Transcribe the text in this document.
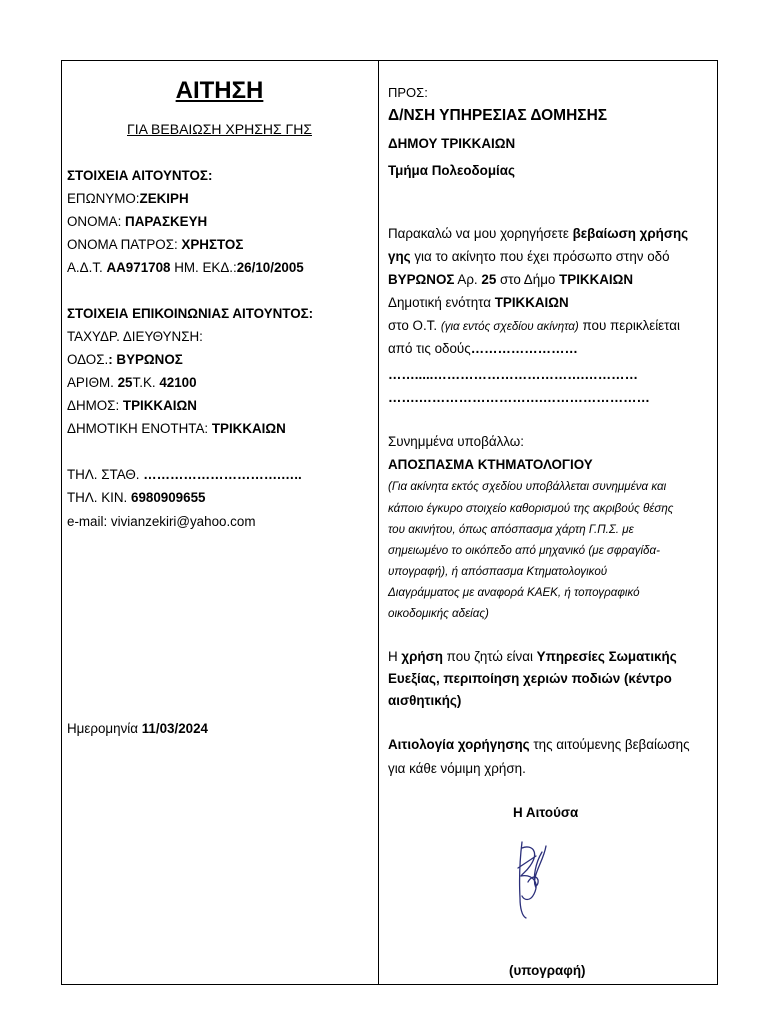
ΑΙΤΗΣΗ
ΓΙΑ ΒΕΒΑΙΩΣΗ ΧΡΗΣΗΣ ΓΗΣ
ΣΤΟΙΧΕΙΑ ΑΙΤΟΥΝΤΟΣ:
ΕΠΩΝΥΜΟ:ΖΕΚΙΡΗ
ΟΝΟΜΑ: ΠΑΡΑΣΚΕΥΗ
ΟΝΟΜΑ ΠΑΤΡΟΣ: ΧΡΗΣΤΟΣ
Α.Δ.Τ. ΑΑ971708 ΗΜ. ΕΚΔ.:26/10/2005
ΣΤΟΙΧΕΙΑ ΕΠΙΚΟΙΝΩΝΙΑΣ ΑΙΤΟΥΝΤΟΣ:
ΤΑΧΥΔΡ. ΔΙΕΥΘΥΝΣΗ:
ΟΔΟΣ.: ΒΥΡΩΝΟΣ
ΑΡΙΘΜ. 25Τ.Κ. 42100
ΔΗΜΟΣ: ΤΡΙΚΚΑΙΩΝ
ΔΗΜΟΤΙΚΗ ΕΝΟΤΗΤΑ: ΤΡΙΚΚΑΙΩΝ
ΤΗΛ. ΣΤΑΘ. ………………………….…..
ΤΗΛ. ΚΙΝ. 6980909655
e-mail: vivianzekiri@yahoo.com
Ημερομηνία 11/03/2024
ΠΡΟΣ:
Δ/ΝΣΗ ΥΠΗΡΕΣΙΑΣ ΔΟΜΗΣΗΣ
ΔΗΜΟΥ ΤΡΙΚΚΑΙΩΝ
Τμήμα Πολεοδομίας
Παρακαλώ να μου χορηγήσετε βεβαίωση χρήσης
γης για το ακίνητο που έχει πρόσωπο στην οδό
ΒΥΡΩΝΟΣ Αρ. 25 στο Δήμο ΤΡΙΚΚΑΙΩΝ
Δημοτική ενότητα ΤΡΙΚΚΑΙΩΝ
στο Ο.Τ. (για εντός σχεδίου ακίνητα) που περικλείεται
από τις οδούς……………………
…….....…………………………….…………
…….……………………….……………………
Συνημμένα υποβάλλω:
ΑΠΟΣΠΑΣΜΑ ΚΤΗΜΑΤΟΛΟΓΙΟΥ
(Για ακίνητα εκτός σχεδίου υποβάλλεται συνημμένα και
κάποιο έγκυρο στοιχείο καθορισμού της ακριβούς θέσης
του ακινήτου, όπως απόσπασμα χάρτη Γ.Π.Σ. με
σημειωμένο το οικόπεδο από μηχανικό (με σφραγίδα-
υπογραφή), ή απόσπασμα Κτηματολογικού
Διαγράμματος με αναφορά ΚΑΕΚ, ή τοπογραφικό
οικοδομικής αδείας)
Η χρήση που ζητώ είναι Υπηρεσίες Σωματικής
Ευεξίας, περιποίηση χεριών ποδιών (κέντρο
αισθητικής)
Αιτιολογία χορήγησης της αιτούμενης βεβαίωσης
για κάθε νόμιμη χρήση.
Η Αιτούσα
(υπογραφή)
